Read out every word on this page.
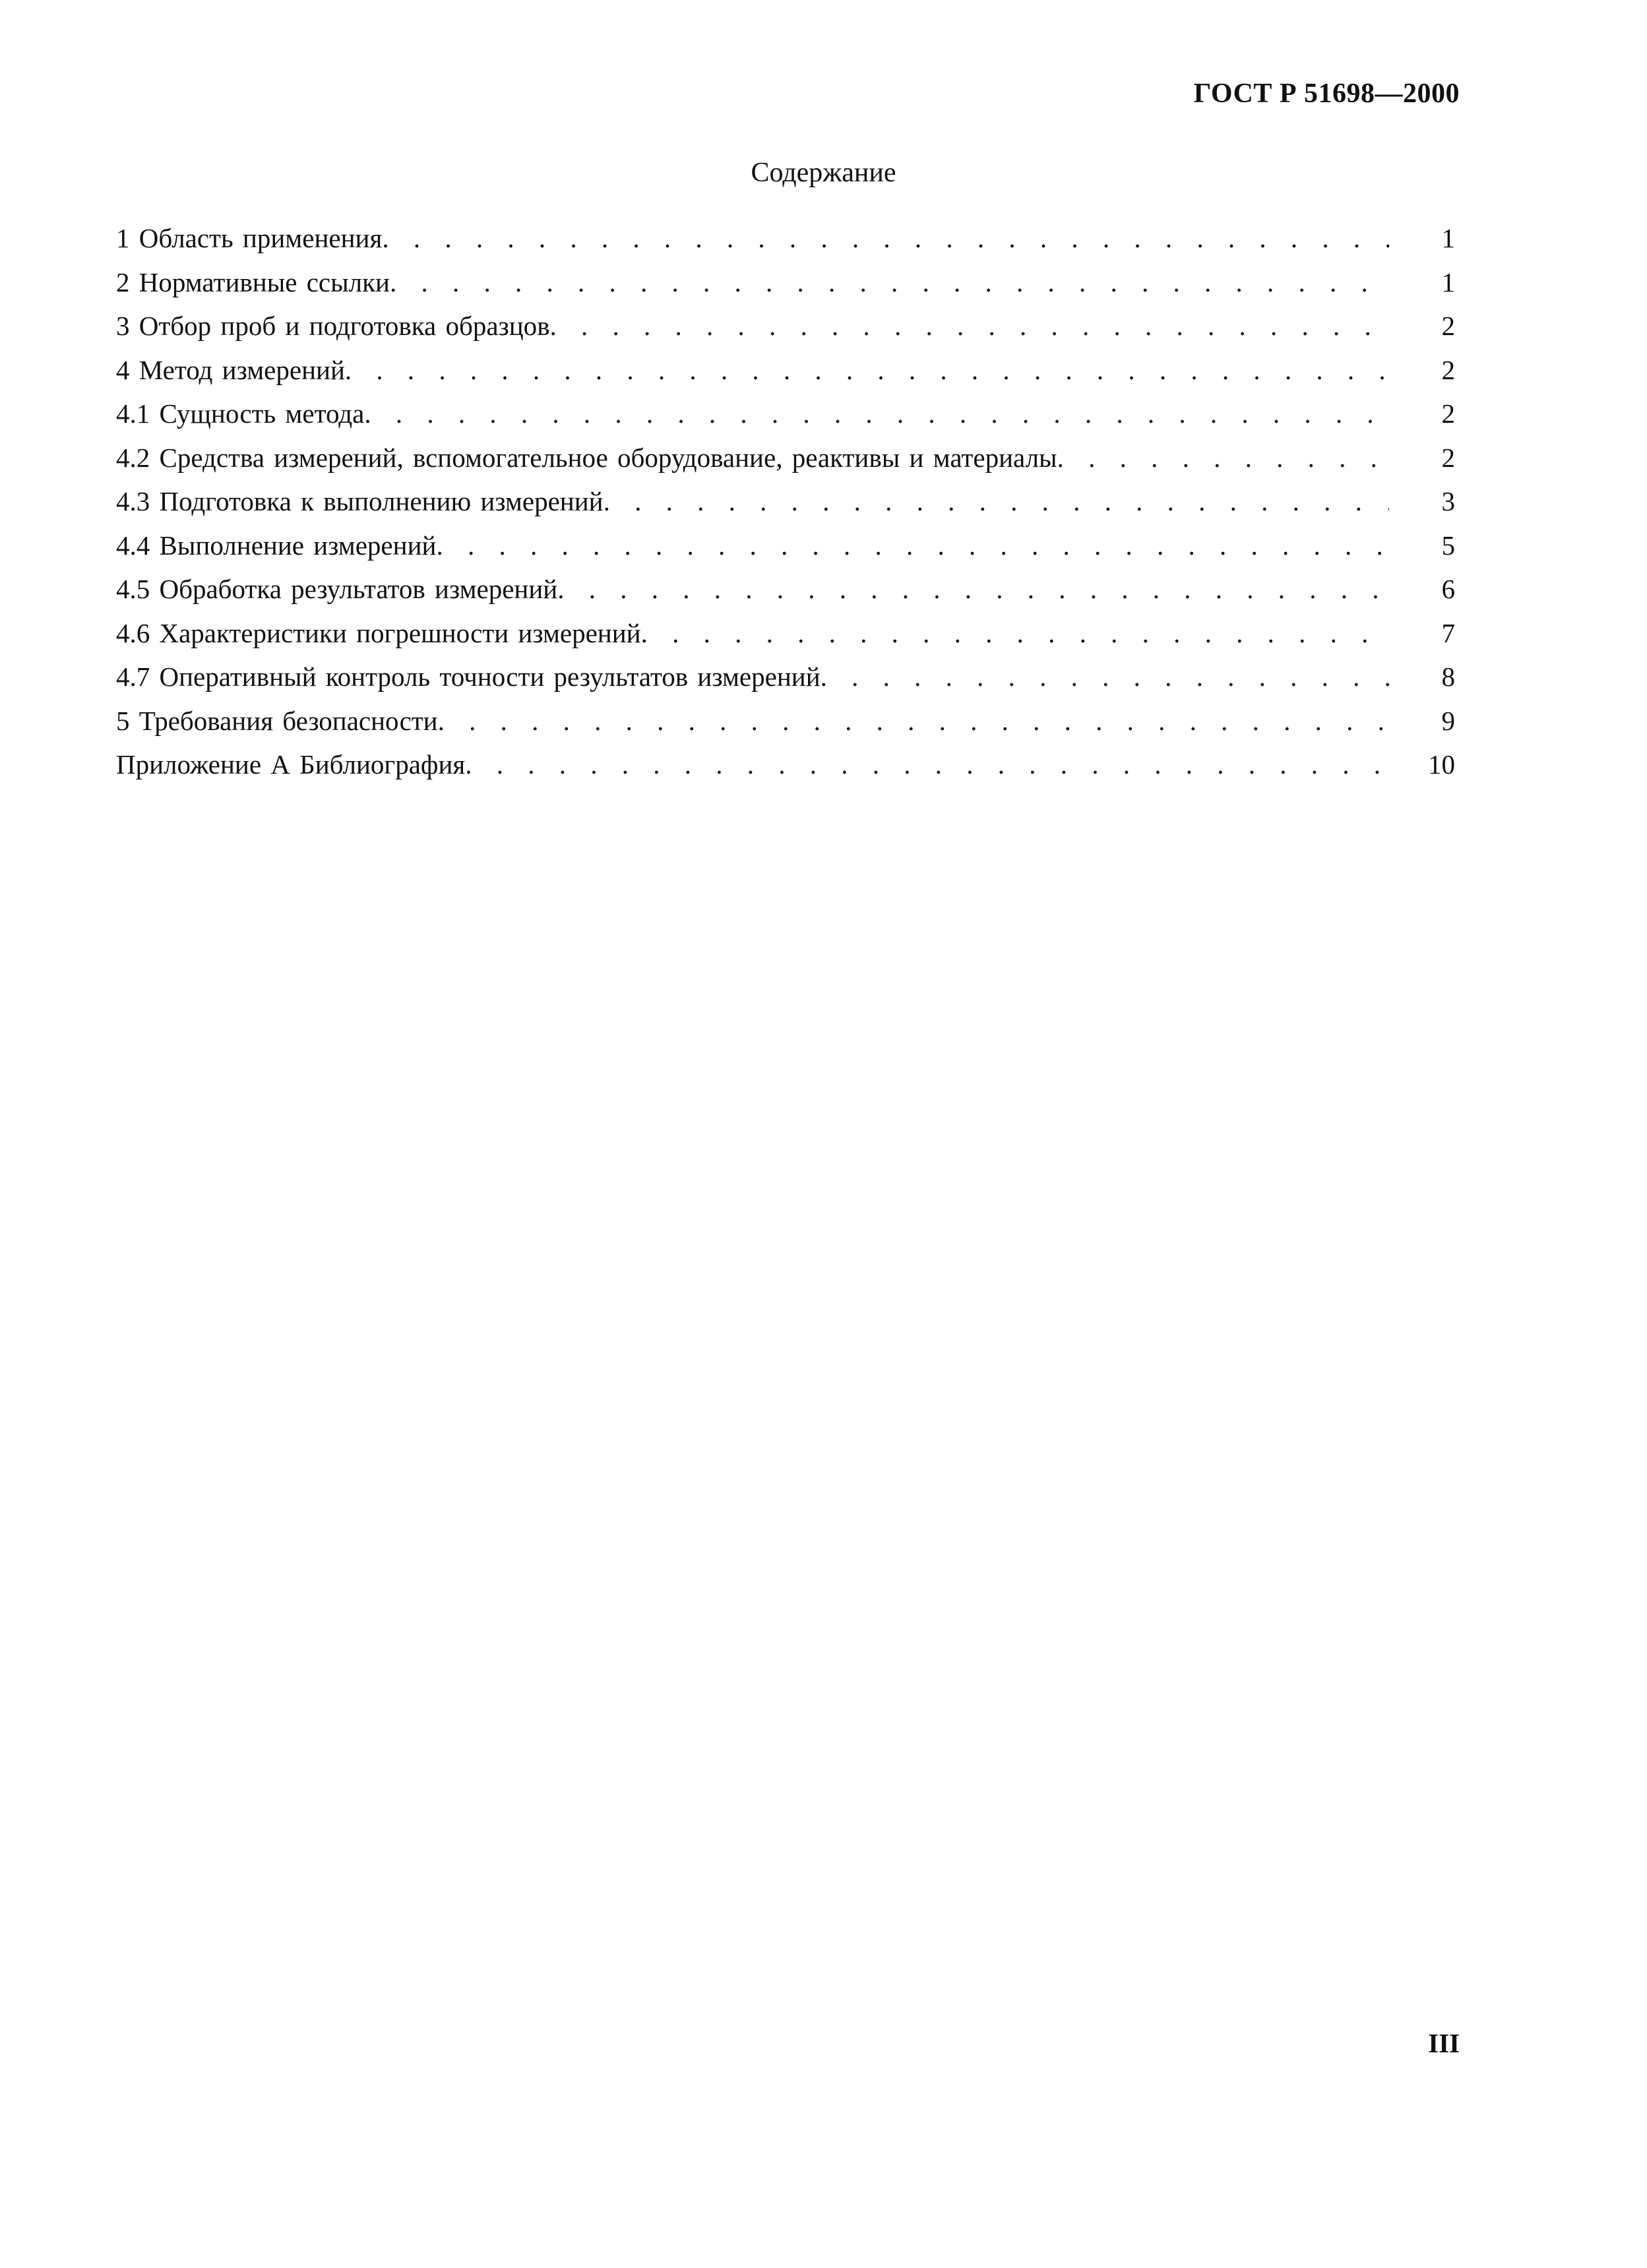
ГОСТ Р 51698—2000
Содержание
1 Область применения . . .	1
2 Нормативные ссылки . . .	1
3 Отбор проб и подготовка образцов . . .	2
4 Метод измерений . . .	2
4.1 Сущность метода . . .	2
4.2 Средства измерений, вспомогательное оборудование, реактивы и материалы . . .	2
4.3 Подготовка к выполнению измерений . . .	3
4.4 Выполнение измерений . . .	5
4.5 Обработка результатов измерений . . .	6
4.6 Характеристики погрешности измерений . . .	7
4.7 Оперативный контроль точности результатов измерений . . .	8
5 Требования безопасности . . .	9
Приложение А Библиография . . .	10
III
